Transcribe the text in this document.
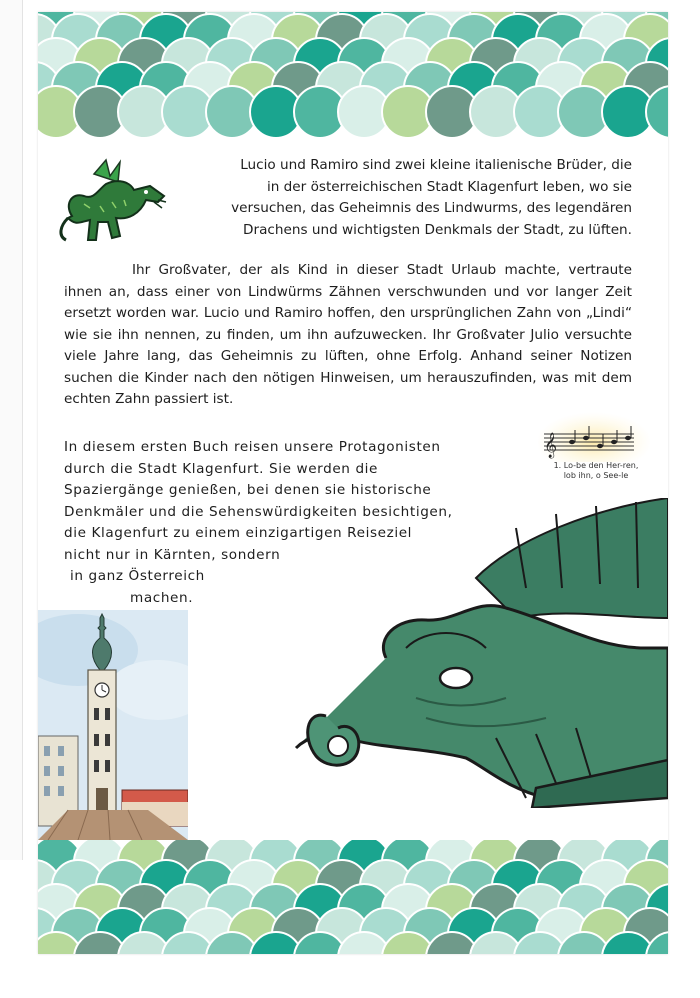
Lucio und Ramiro sind zwei kleine italienische Brüder, die
in der österreichischen Stadt Klagenfurt leben, wo sie
versuchen, das Geheimnis des Lindwurms, des legendären
Drachens und wichtigsten Denkmals der Stadt, zu lüften.
Ihr Großvater, der als Kind in dieser Stadt Urlaub machte, vertraute ihnen an, dass einer von Lindwürms Zähnen verschwunden und vor langer Zeit ersetzt worden war. Lucio und Ramiro hoffen, den ursprünglichen Zahn von „Lindi“ wie sie ihn nennen, zu finden, um ihn aufzuwecken. Ihr Großvater Julio versuchte viele Jahre lang, das Geheimnis zu lüften, ohne Erfolg. Anhand seiner Notizen suchen die Kinder nach den nötigen Hinweisen, um herauszufinden, was mit dem echten Zahn passiert ist.
In diesem ersten Buch reisen unsere Protagonisten
durch die Stadt Klagenfurt. Sie werden die
Spaziergänge genießen, bei denen sie historische
Denkmäler und die Sehenswürdigkeiten besichtigen,
die Klagenfurt zu einem einzigartigen Reiseziel
nicht nur in Kärnten, sondern
in ganz Österreich
machen.
𝄞
1. Lo-be den Her-ren,
lob ihn, o See-le
